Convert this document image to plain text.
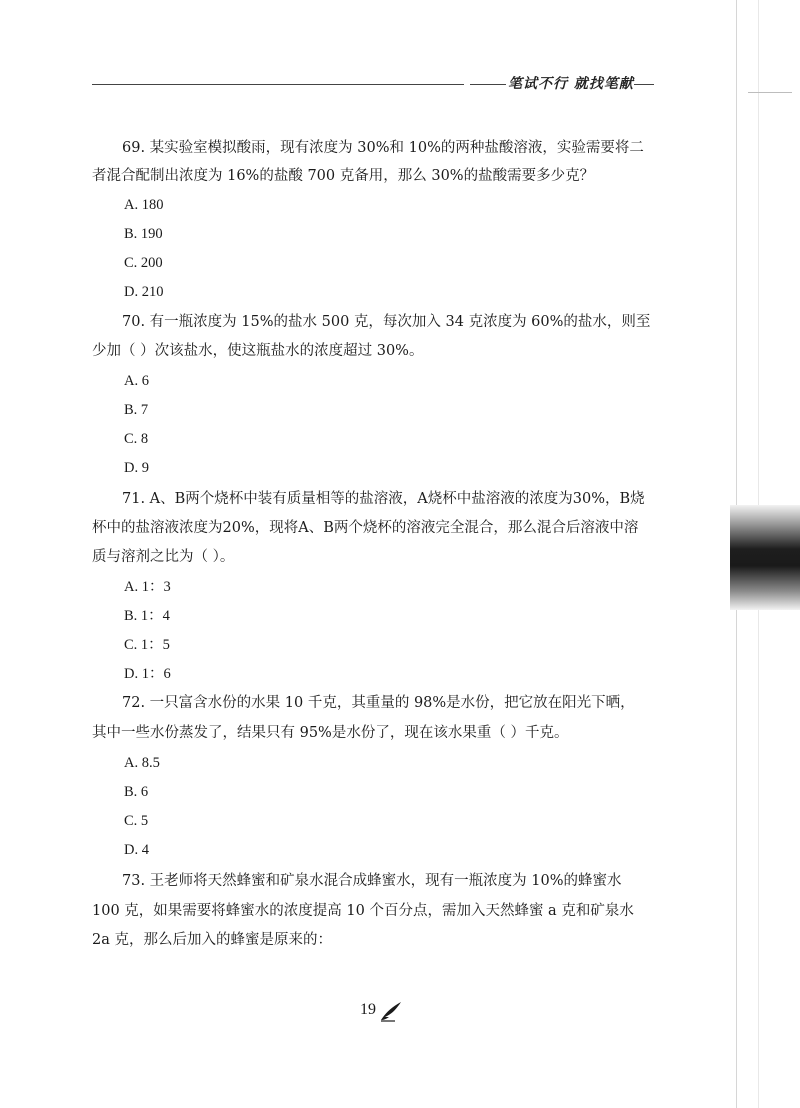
笔试不行 就找笔献
69. 某实验室模拟酸雨，现有浓度为 30%和 10%的两种盐酸溶液，实验需要将二
者混合配制出浓度为 16%的盐酸 700 克备用，那么 30%的盐酸需要多少克？
A. 180
B. 190
C. 200
D. 210
70. 有一瓶浓度为 15%的盐水 500 克，每次加入 34 克浓度为 60%的盐水，则至
少加（ ）次该盐水，使这瓶盐水的浓度超过 30%。
A. 6
B. 7
C. 8
D. 9
71. A、B两个烧杯中装有质量相等的盐溶液，A烧杯中盐溶液的浓度为30%，B烧
杯中的盐溶液浓度为20%，现将A、B两个烧杯的溶液完全混合，那么混合后溶液中溶
质与溶剂之比为（ ）。
A. 1：3
B. 1：4
C. 1：5
D. 1：6
72. 一只富含水份的水果 10 千克，其重量的 98%是水份，把它放在阳光下晒，
其中一些水份蒸发了，结果只有 95%是水份了，现在该水果重（ ）千克。
A. 8.5
B. 6
C. 5
D. 4
73. 王老师将天然蜂蜜和矿泉水混合成蜂蜜水，现有一瓶浓度为 10%的蜂蜜水
100 克，如果需要将蜂蜜水的浓度提高 10 个百分点，需加入天然蜂蜜 a 克和矿泉水
2a 克，那么后加入的蜂蜜是原来的：
19
